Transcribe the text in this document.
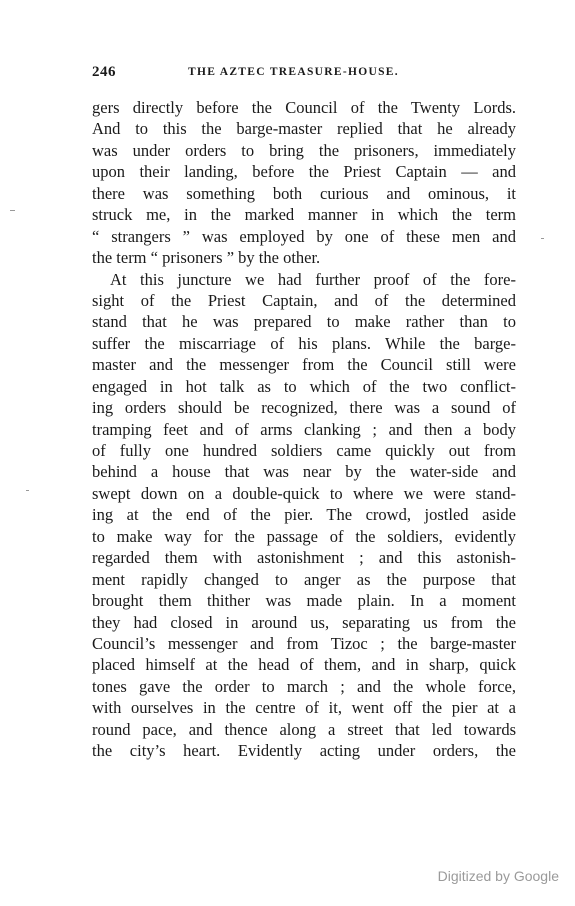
246	THE AZTEC TREASURE-HOUSE.
gers directly before the Council of the Twenty Lords.
And to this the barge-master replied that he already
was under orders to bring the prisoners, immediately
upon their landing, before the Priest Captain — and
there was something both curious and ominous, it
struck me, in the marked manner in which the term
“ strangers ” was employed by one of these men and
the term “ prisoners ” by the other.
At this juncture we had further proof of the fore-
sight of the Priest Captain, and of the determined
stand that he was prepared to make rather than to
suffer the miscarriage of his plans. While the barge-
master and the messenger from the Council still were
engaged in hot talk as to which of the two conflict-
ing orders should be recognized, there was a sound of
tramping feet and of arms clanking ; and then a body
of fully one hundred soldiers came quickly out from
behind a house that was near by the water-side and
swept down on a double-quick to where we were stand-
ing at the end of the pier. The crowd, jostled aside
to make way for the passage of the soldiers, evidently
regarded them with astonishment ; and this astonish-
ment rapidly changed to anger as the purpose that
brought them thither was made plain. In a moment
they had closed in around us, separating us from the
Council’s messenger and from Tizoc ; the barge-master
placed himself at the head of them, and in sharp, quick
tones gave the order to march ; and the whole force,
with ourselves in the centre of it, went off the pier at a
round pace, and thence along a street that led towards
the city’s heart. Evidently acting under orders, the
Digitized by Google
